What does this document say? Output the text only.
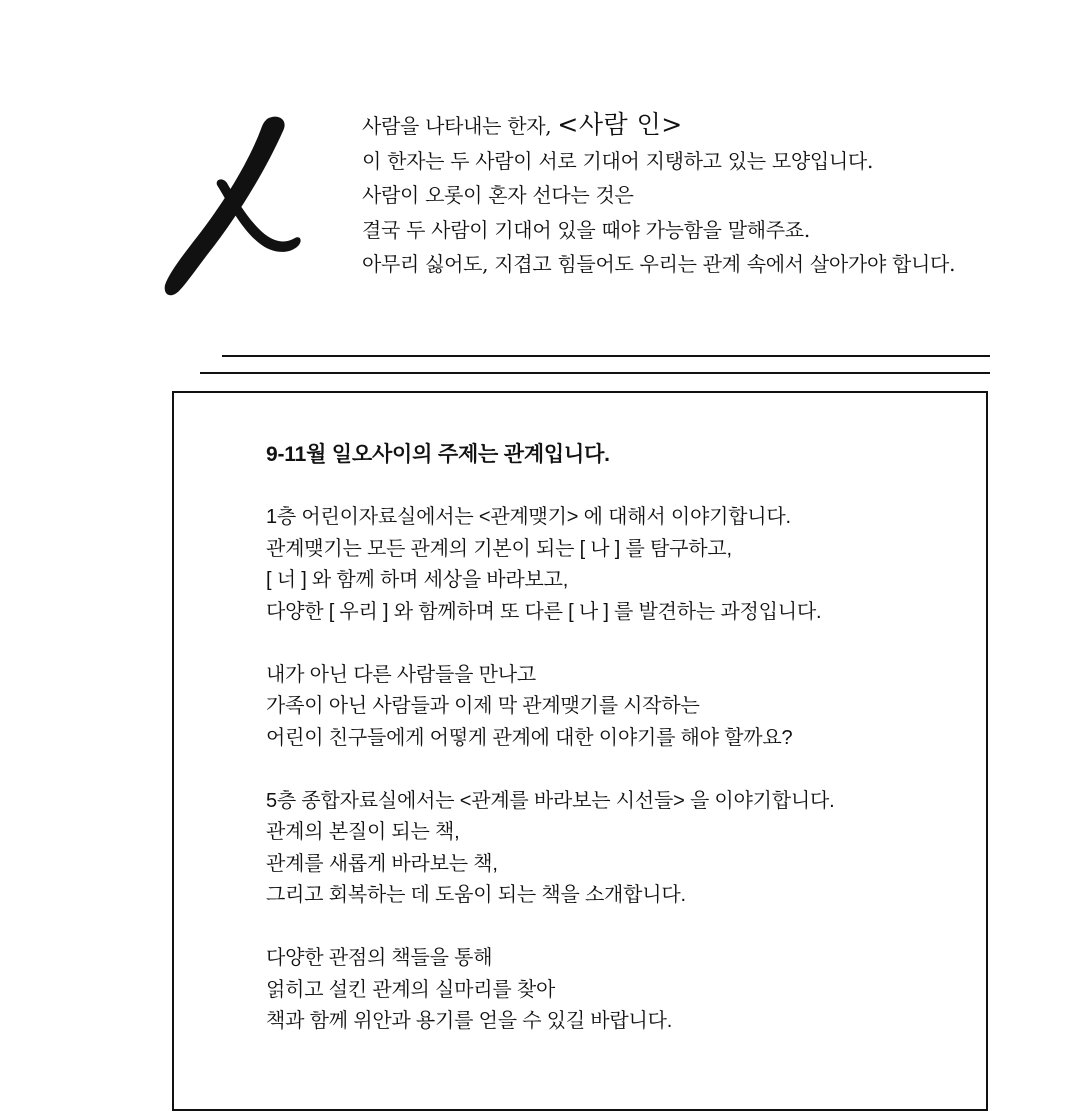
사람을 나타내는 한자, <사람 인>
이 한자는 두 사람이 서로 기대어 지탱하고 있는 모양입니다.
사람이 오롯이 혼자 선다는 것은
결국 두 사람이 기대어 있을 때야 가능함을 말해주죠.
아무리 싫어도, 지겹고 힘들어도 우리는 관계 속에서 살아가야 합니다.
9-11월 일오사이의 주제는 관계입니다.
1층 어린이자료실에서는 <관계맺기> 에 대해서 이야기합니다.
관계맺기는 모든 관계의 기본이 되는 [ 나 ] 를 탐구하고,
[ 너 ] 와 함께 하며 세상을 바라보고,
다양한 [ 우리 ] 와 함께하며 또 다른 [ 나 ] 를 발견하는 과정입니다.
내가 아닌 다른 사람들을 만나고
가족이 아닌 사람들과 이제 막 관계맺기를 시작하는
어린이 친구들에게 어떻게 관계에 대한 이야기를 해야 할까요?
5층 종합자료실에서는 <관계를 바라보는 시선들> 을 이야기합니다.
관계의 본질이 되는 책,
관계를 새롭게 바라보는 책,
그리고 회복하는 데 도움이 되는 책을 소개합니다.
다양한 관점의 책들을 통해
얽히고 설킨 관계의 실마리를 찾아
책과 함께 위안과 용기를 얻을 수 있길 바랍니다.
